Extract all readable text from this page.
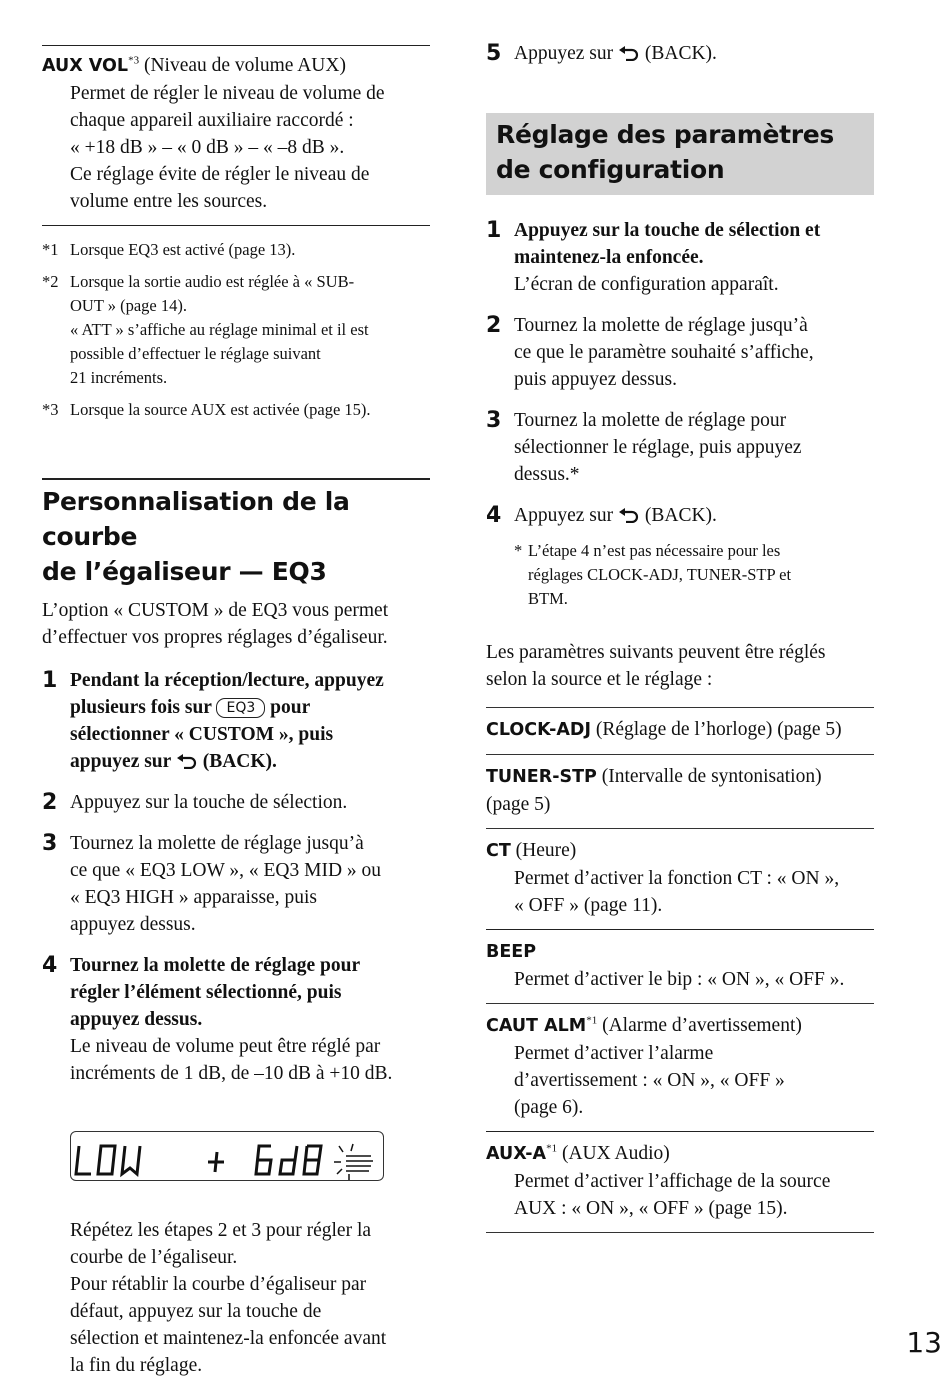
AUX VOL$^{*3}$ (Niveau de volume AUX)
Permet de régler le niveau de volume de
chaque appareil auxiliaire raccordé :
« +18 dB » – « 0 dB » – « –8 dB ».
Ce réglage évite de régler le niveau de
volume entre les sources.
*1 Lorsque EQ3 est activé (page 13).
*2 Lorsque la sortie audio est réglée à « SUB-
OUT » (page 14).
« ATT » s’affiche au réglage minimal et il est
possible d’effectuer le réglage suivant
21 incréments.
*3 Lorsque la source AUX est activée (page 15).
Personnalisation de la courbe
de l’égaliseur — EQ3
L’option « CUSTOM » de EQ3 vous permet
d’effectuer vos propres réglages d’égaliseur.
1 Pendant la réception/lecture, appuyez
plusieurs fois sur EQ3 pour
sélectionner « CUSTOM », puis
appuyez sur (BACK).
2 Appuyez sur la touche de sélection.
3 Tournez la molette de réglage jusqu’à
ce que « EQ3 LOW », « EQ3 MID » ou
« EQ3 HIGH » apparaisse, puis
appuyez dessus.
4 Tournez la molette de réglage pour
régler l’élément sélectionné, puis
appuyez dessus.
Le niveau de volume peut être réglé par
incréments de 1 dB, de –10 dB à +10 dB.
Répétez les étapes 2 et 3 pour régler la
courbe de l’égaliseur.
Pour rétablir la courbe d’égaliseur par
défaut, appuyez sur la touche de
sélection et maintenez-la enfoncée avant
la fin du réglage.
5 Appuyez sur (BACK).
Réglage des paramètres
de configuration
1 Appuyez sur la touche de sélection et
maintenez-la enfoncée.
L’écran de configuration apparaît.
2 Tournez la molette de réglage jusqu’à
ce que le paramètre souhaité s’affiche,
puis appuyez dessus.
3 Tournez la molette de réglage pour
sélectionner le réglage, puis appuyez
dessus.*
4 Appuyez sur (BACK).
* L’étape 4 n’est pas nécessaire pour les
réglages CLOCK-ADJ, TUNER-STP et
BTM.
Les paramètres suivants peuvent être réglés
selon la source et le réglage :
CLOCK-ADJ (Réglage de l’horloge) (page 5)
TUNER-STP (Intervalle de syntonisation)
(page 5)
CT (Heure)
Permet d’activer la fonction CT : « ON »,
« OFF » (page 11).
BEEP
Permet d’activer le bip : « ON », « OFF ».
CAUT ALM$^{*1}$ (Alarme d’avertissement)
Permet d’activer l’alarme
d’avertissement : « ON », « OFF »
(page 6).
AUX-$A^{*1}$ (AUX Audio)
Permet d’activer l’affichage de la source
AUX : « ON », « OFF » (page 15).
13
